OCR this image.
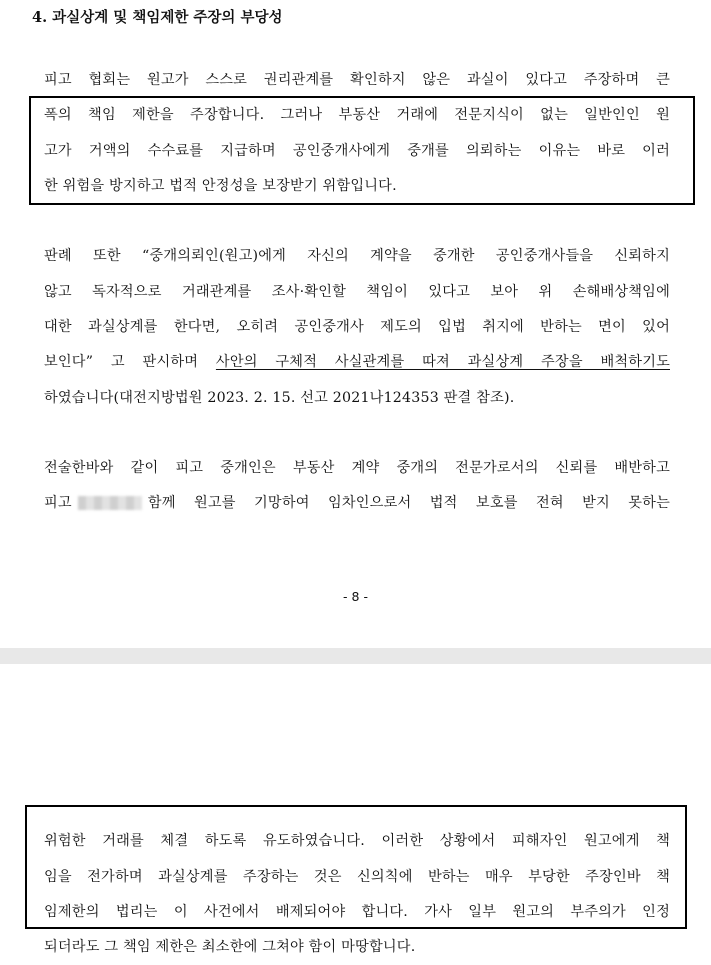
4. 과실상계 및 책임제한 주장의 부당성
피고 협회는 원고가 스스로 권리관계를 확인하지 않은 과실이 있다고 주장하며 큰
폭의 책임 제한을 주장합니다. 그러나 부동산 거래에 전문지식이 없는 일반인인 원
고가 거액의 수수료를 지급하며 공인중개사에게 중개를 의뢰하는 이유는 바로 이러
한 위험을 방지하고 법적 안정성을 보장받기 위함입니다.
판례 또한 “중개의뢰인(원고)에게 자신의 계약을 중개한 공인중개사들을 신뢰하지
않고 독자적으로 거래관계를 조사·확인할 책임이 있다고 보아 위 손해배상책임에
대한 과실상계를 한다면, 오히려 공인중개사 제도의 입법 취지에 반하는 면이 있어
보인다” 고 판시하며 사안의 구체적 사실관계를 따져 과실상계 주장을 배척하기도
하였습니다(대전지방법원 2023. 2. 15. 선고 2021나124353 판결 참조).
전술한바와 같이 피고 중개인은 부동산 계약 중개의 전문가로서의 신뢰를 배반하고
피고	함께 원고를 기망하여 임차인으로서 법적 보호를 전혀 받지 못하는
- 8 -
위험한 거래를 체결 하도록 유도하였습니다. 이러한 상황에서 피해자인 원고에게 책
임을 전가하며 과실상계를 주장하는 것은 신의칙에 반하는 매우 부당한 주장인바 책
임제한의 법리는 이 사건에서 배제되어야 합니다. 가사 일부 원고의 부주의가 인정
되더라도 그 책임 제한은 최소한에 그쳐야 함이 마땅합니다.
